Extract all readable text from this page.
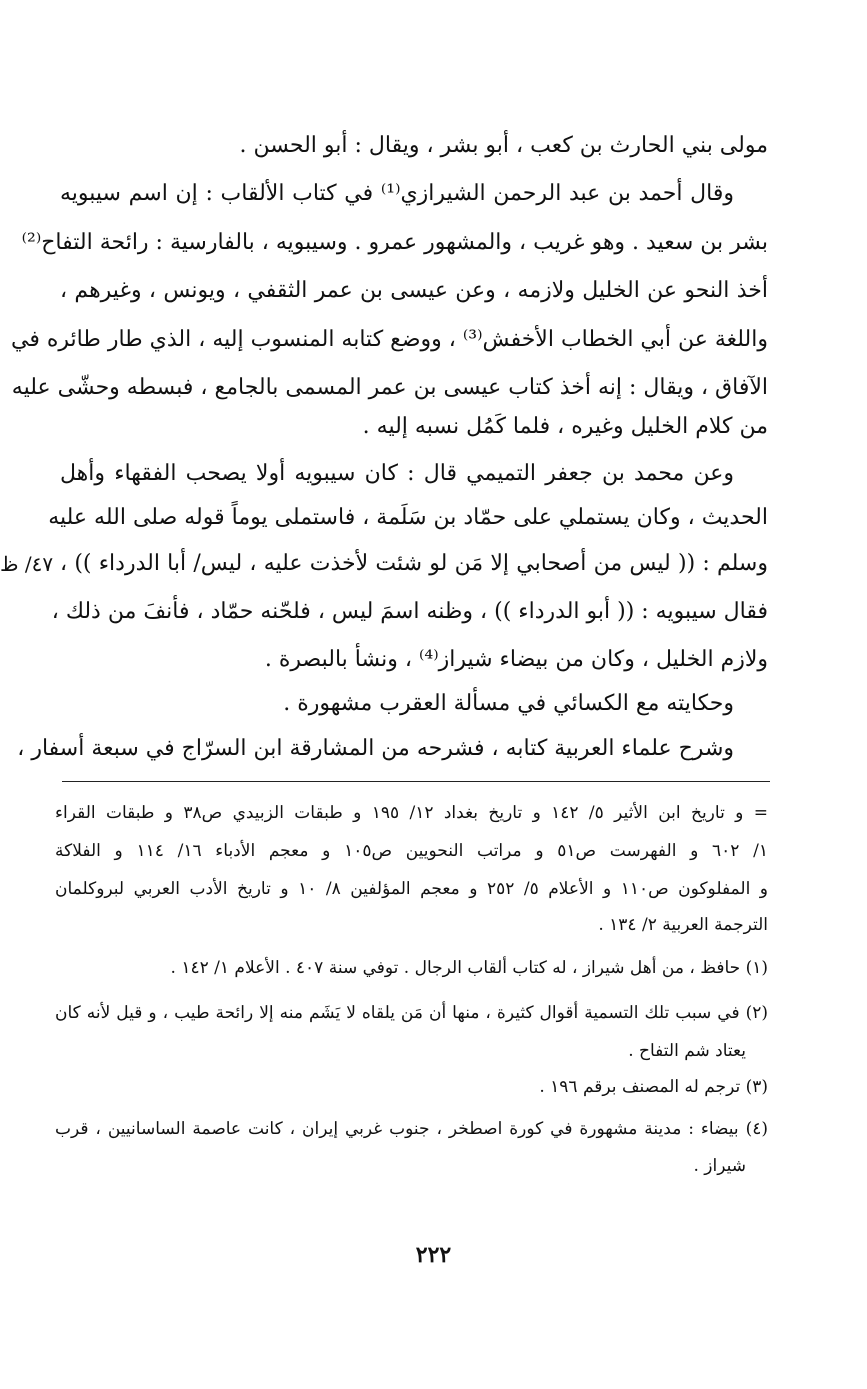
مولى بني الحارث بن كعب ، أبو بشر ، ويقال : أبو الحسن .
وقال أحمد بن عبد الرحمن الشيرازي⁽¹⁾ في كتاب الألقاب : إن اسم سيبويه
بشر بن سعيد . وهو غريب ، والمشهور عمرو . وسيبويه ، بالفارسية : رائحة التفاح⁽²⁾
أخذ النحو عن الخليل ولازمه ، وعن عيسى بن عمر الثقفي ، ويونس ، وغيرهم ،
واللغة عن أبي الخطاب الأخفش⁽³⁾ ، ووضع كتابه المنسوب إليه ، الذي طار طائره في
الآفاق ، ويقال : إنه أخذ كتاب عيسى بن عمر المسمى بالجامع ، فبسطه وحشّى عليه
من كلام الخليل وغيره ، فلما كَمُل نسبه إليه .
وعن محمد بن جعفر التميمي قال : كان سيبويه أولا يصحب الفقهاء وأهل
الحديث ، وكان يستملي على حمّاد بن سَلَمة ، فاستملى يوماً قوله صلى الله عليه
وسلم : (( ليس من أصحابي إلا مَن لو شئت لأخذت عليه ، ليس/ أبا الدرداء )) ،
٤٧/ ظ
فقال سيبويه : (( أبو الدرداء )) ، وظنه اسمَ ليس ، فلحّنه حمّاد ، فأنفَ من ذلك ،
ولازم الخليل ، وكان من بيضاء شيراز⁽⁴⁾ ، ونشأ بالبصرة .
وحكايته مع الكسائي في مسألة العقرب مشهورة .
وشرح علماء العربية كتابه ، فشرحه من المشارقة ابن السرّاج في سبعة أسفار ،
= و تاريخ ابن الأثير ٥/ ١٤٢ و تاريخ بغداد ١٢/ ١٩٥ و طبقات الزبيدي ص٣٨ و طبقات القراء
١/ ٦٠٢ و الفهرست ص٥١ و مراتب النحويين ص١٠٥ و معجم الأدباء ١٦/ ١١٤ و الفلاكة
و المفلوكون ص١١٠ و الأعلام ٥/ ٢٥٢ و معجم المؤلفين ٨/ ١٠ و تاريخ الأدب العربي لبروكلمان
الترجمة العربية ٢/ ١٣٤ .
(١) حافظ ، من أهل شيراز ، له كتاب ألقاب الرجال . توفي سنة ٤٠٧ . الأعلام ١/ ١٤٢ .
(٢) في سبب تلك التسمية أقوال كثيرة ، منها أن مَن يلقاه لا يَشَم منه إلا رائحة طيب ، و قيل لأنه كان
يعتاد شم التفاح .
(٣) ترجم له المصنف برقم ١٩٦ .
(٤) بيضاء : مدينة مشهورة في كورة اصطخر ، جنوب غربي إيران ، كانت عاصمة الساسانيين ، قرب
شيراز .
٢٢٢
